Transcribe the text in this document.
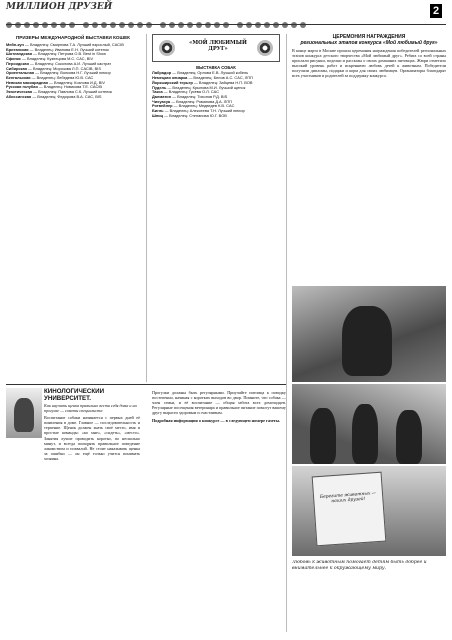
МИЛЛИОН ДРУЗЕЙ
	2
ПРИЗЕРЫ МЕЖДУНАРОДНОЙ ВЫСТАВКИ КОШЕК
Мейн-кун — Владелец: Смирнова Т.А. Лучший взрослый, CACIB
Британская — Владелец: Иванова Е.Н. Лучший котенок
Шотландская — Владелец: Петрова О.В. Best in Show
Сфинкс — Владелец: Кузнецова М.С. CAC, BIV
Персидская — Владелец: Соколова А.И. Лучший кастрат
Сибирская — Владелец: Морозова Л.П. CACIB, BIS
Ориентальная — Владелец: Волкова Н.Г. Лучший юниор
Бенгальская — Владелец: Лебедева Ю.В. CAC
Невская маскарадная — Владелец: Козлова И.Д. BIV
Русская голубая — Владелец: Новикова Т.Е. CACIB
Экзотическая — Владелец: Павлова С.К. Лучший котенок
Абиссинская — Владелец: Федорова В.А. CAC, BIS
«МОЙ ЛЮБИМЫЙ ДРУГ»
ВЫСТАВКА СОБАК
Лабрадор — Владелец: Орлова Е.В. Лучший кобель
Немецкая овчарка — Владелец: Белов А.С. CAC, ЛПП
Йоркширский терьер — Владелец: Зайцева Н.П. BOB
Пудель — Владелец: Крылова М.И. Лучший щенок
Такса — Владелец: Гусева О.Л. CAC
Далматин — Владелец: Тихонов Р.Д. BIS
Чихуахуа — Владелец: Романова Д.А. ЛПП
Ротвейлер — Владелец: Медведев К.В. CAC
Бигль — Владелец: Алексеева Т.Н. Лучший юниор
Шпиц — Владелец: Степанова Ю.Г. BOB
ЦЕРЕМОНИЯ НАГРАЖДЕНИЯ
региональных этапов конкурса «Мой любимый друг»
В конце марта в Москве прошла церемония награждения победителей региональных этапов конкурса детского творчества «Мой любимый друг». Ребята со всей страны прислали рисунки, поделки и рассказы о своих домашних питомцах. Жюри отметило высокий уровень работ и искреннюю любовь детей к животным. Победители получили дипломы, подарки и корм для своих любимцев. Организаторы благодарят всех участников и родителей за поддержку конкурса.
Берегите животных — наших друзей!
КИНОЛОГИЧЕСКИЙ УНИВЕРСИТЕТ.
Как научить щенка правильно вести себя дома и на прогулке — советы специалиста
Воспитание собаки начинается с первых дней её появления в доме. Главное — последовательность и терпение. Щенок должен знать своё место, имя и простые команды: «ко мне», «сидеть», «место». Занятия лучше проводить коротко, по несколько минут, и всегда поощрять правильное поведение лакомством и похвалой. Не стоит наказывать щенка за ошибки — он ещё только учится понимать хозяина.
Прогулки должны быть регулярными. Приучайте питомца к поводку постепенно, начиная с коротких выходов во двор. Помните, что собака — член семьи, и её воспитание — общая забота всех домочадцев. Регулярные посещения ветеринара и правильное питание помогут вашему другу вырасти здоровым и счастливым.
Подробная информация о конкурсе — в следующем номере газеты.
Любовь к животным помогает детям быть добрее и внимательнее к окружающему миру.
